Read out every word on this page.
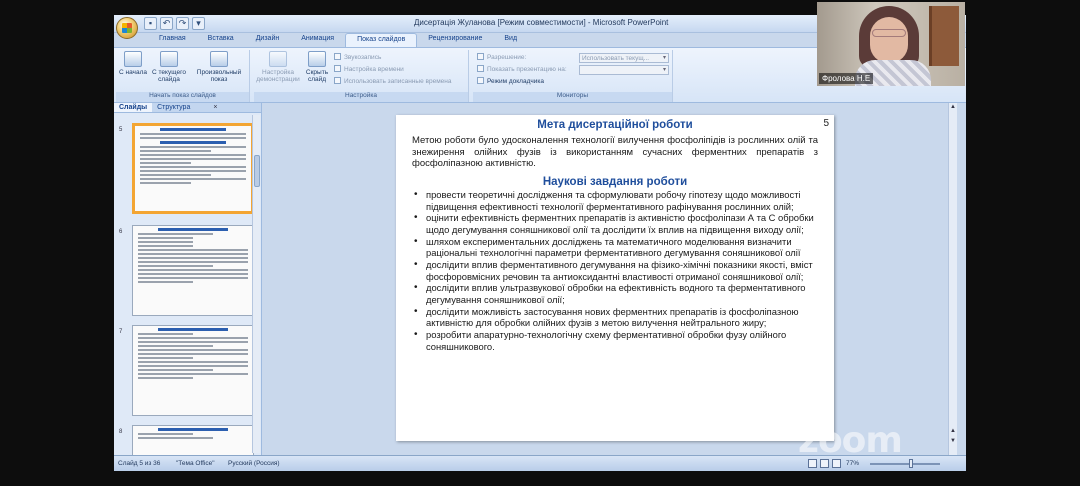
▪	↶ ↷	▾	Дисертація Жуланова [Режим совместимости] - Microsoft PowerPoint
Главная	Вставка	Дизайн	Анимация	Показ слайдов	Рецензирование	Вид
С начала С текущего слайда
Произвольный показ
Начать показ слайдов
Настройка демонстрации
Скрыть слайд
Звукозапись
Настройка времени
Использовать записанные времена
Настройка
Разрешение:	Использовать текущ... ▾
Показать презентацию на:
▾
Режим докладчика
Мониторы
Слайды	Структура	×
5
6
7
8
5
Мета дисертаційної роботи
Метою роботи було удосконалення технології вилучення фосфоліпідів із рослинних олій та знежирення олійних фузів із використанням сучасних ферментних препаратів з фосфоліпазною активністю.
Наукові завдання роботи
• провести теоретичні дослідження та сформулювати робочу гіпотезу щодо можливості підвищення ефективності технології ферментативного рафінування рослинних олій;
• оцінити ефективність ферментних препаратів із активністю фосфоліпази А та С обробки щодо дегумування соняшникової олії та дослідити їх вплив на підвищення виходу олії;
• шляхом експериментальних досліджень та математичного моделювання визначити раціональні технологічні параметри ферментативного дегумування соняшникової олії
• дослідити вплив ферментативного дегумування на фізико-хімічні показники якості, вміст фосфоровмісних речовин та антиоксидантні властивості отриманої соняшникової олії;
• дослідити вплив ультразвукової обробки на ефективність водного та ферментативного дегумування соняшникової олії;
• дослідити можливість застосування нових ферментних препаратів із фосфоліпазною активністю для обробки олійних фузів з метою вилучення нейтрального жиру;
• розробити апаратурно-технологічну схему ферментативної обробки фузу олійного соняшникового.
▲
▲
▼
Слайд 5 из 36 "Тема Office" Русский (Россия)	77%
Фролова Н.Е
zoom
